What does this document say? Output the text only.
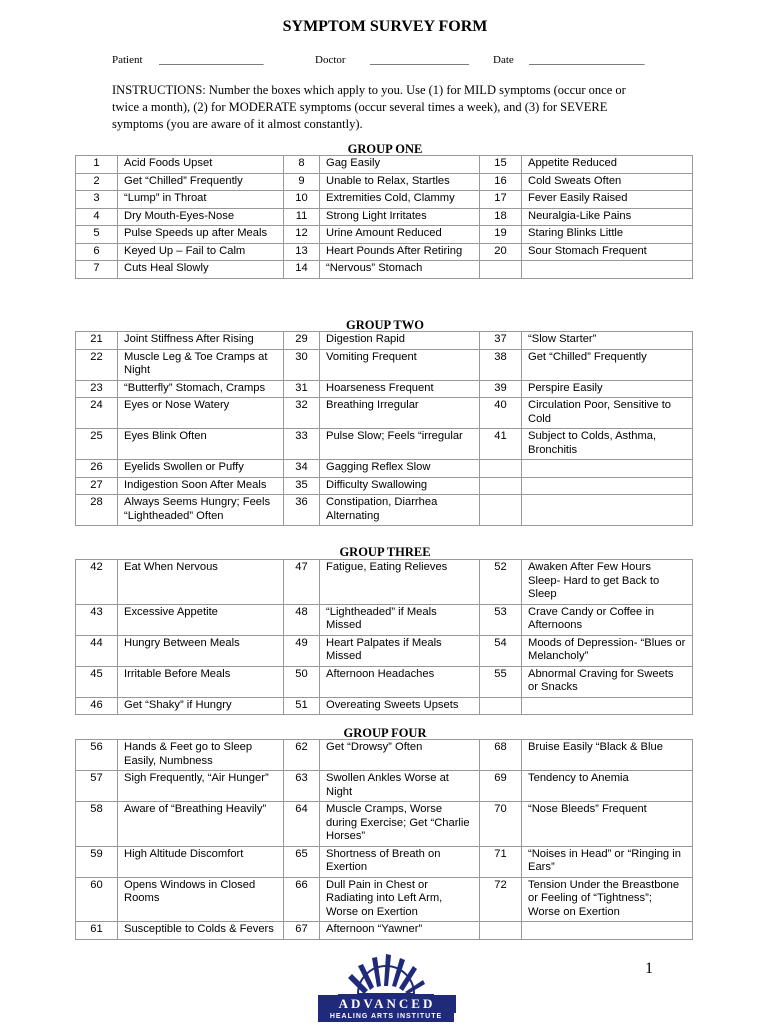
SYMPTOM SURVEY FORM
Patient ___________________	Doctor __________________ Date _____________________
INSTRUCTIONS: Number the boxes which apply to you. Use (1) for MILD symptoms (occur once or twice a month), (2) for MODERATE symptoms (occur several times a week), and (3) for SEVERE symptoms (you are aware of it almost constantly).
GROUP ONE
1	Acid Foods Upset	8	Gag Easily	15	Appetite Reduced
2	Get “Chilled” Frequently	9	Unable to Relax, Startles	16	Cold Sweats Often
3	“Lump” in Throat	10	Extremities Cold, Clammy	17	Fever Easily Raised
4	Dry Mouth-Eyes-Nose	11	Strong Light Irritates	18	Neuralgia-Like Pains
5	Pulse Speeds up after Meals	12	Urine Amount Reduced	19	Staring Blinks Little
6	Keyed Up – Fail to Calm	13	Heart Pounds After Retiring	20	Sour Stomach Frequent
7	Cuts Heal Slowly	14	“Nervous” Stomach		
GROUP TWO
21	Joint Stiffness After Rising	29	Digestion Rapid	37	“Slow Starter”
22	Muscle Leg & Toe Cramps at Night	30	Vomiting Frequent	38	Get “Chilled” Frequently
23	“Butterfly” Stomach, Cramps	31	Hoarseness Frequent	39	Perspire Easily
24	Eyes or Nose Watery	32	Breathing Irregular	40	Circulation Poor, Sensitive to Cold
25	Eyes Blink Often	33	Pulse Slow; Feels “irregular	41	Subject to Colds, Asthma, Bronchitis
26	Eyelids Swollen or Puffy	34	Gagging Reflex Slow		
27	Indigestion Soon After Meals	35	Difficulty Swallowing		
28	Always Seems Hungry; Feels “Lightheaded” Often	36	Constipation, Diarrhea Alternating		
GROUP THREE
42	Eat When Nervous	47	Fatigue, Eating Relieves	52	Awaken After Few Hours Sleep- Hard to get Back to Sleep
43	Excessive Appetite	48	“Lightheaded” if Meals Missed	53	Crave Candy or Coffee in Afternoons
44	Hungry Between Meals	49	Heart Palpates if Meals Missed	54	Moods of Depression- “Blues or Melancholy”
45	Irritable Before Meals	50	Afternoon Headaches	55	Abnormal Craving for Sweets or Snacks
46	Get “Shaky” if Hungry	51	Overeating Sweets Upsets		
GROUP FOUR
56	Hands & Feet go to Sleep Easily, Numbness	62	Get “Drowsy” Often	68	Bruise Easily “Black & Blue
57	Sigh Frequently, “Air Hunger”	63	Swollen Ankles Worse at Night	69	Tendency to Anemia
58	Aware of “Breathing Heavily”	64	Muscle Cramps, Worse during Exercise; Get “Charlie Horses”	70	“Nose Bleeds” Frequent
59	High Altitude Discomfort	65	Shortness of Breath on Exertion	71	“Noises in Head” or “Ringing in Ears”
60	Opens Windows in Closed Rooms	66	Dull Pain in Chest or Radiating into Left Arm, Worse on Exertion	72	Tension Under the Breastbone or Feeling of “Tightness”; Worse on Exertion
61	Susceptible to Colds & Fevers	67	Afternoon “Yawner”		
1
ADVANCED
HEALING ARTS INSTITUTE
